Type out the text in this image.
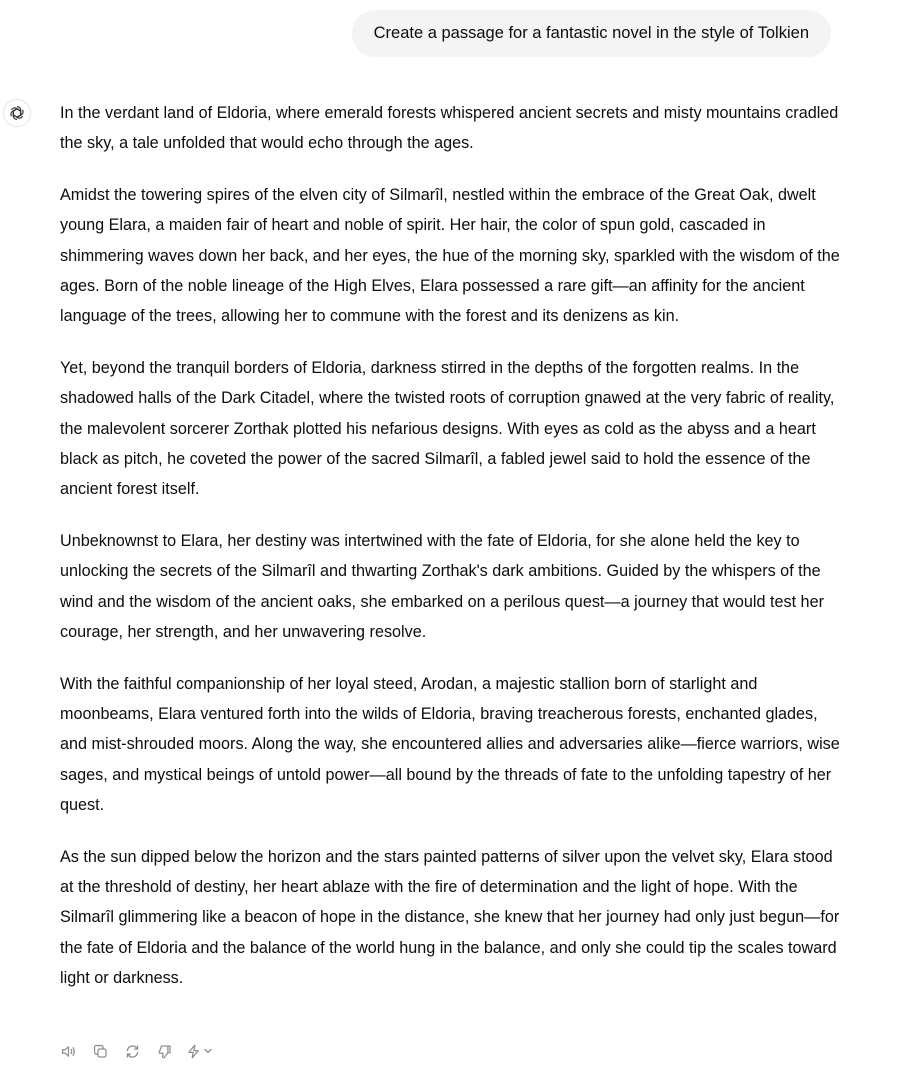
Create a passage for a fantastic novel in the style of Tolkien

In the verdant land of Eldoria, where emerald forests whispered ancient secrets and misty mountains cradled the sky, a tale unfolded that would echo through the ages.

Amidst the towering spires of the elven city of Silmarîl, nestled within the embrace of the Great Oak, dwelt young Elara, a maiden fair of heart and noble of spirit. Her hair, the color of spun gold, cascaded in shimmering waves down her back, and her eyes, the hue of the morning sky, sparkled with the wisdom of the ages. Born of the noble lineage of the High Elves, Elara possessed a rare gift—an affinity for the ancient language of the trees, allowing her to commune with the forest and its denizens as kin.

Yet, beyond the tranquil borders of Eldoria, darkness stirred in the depths of the forgotten realms. In the shadowed halls of the Dark Citadel, where the twisted roots of corruption gnawed at the very fabric of reality, the malevolent sorcerer Zorthak plotted his nefarious designs. With eyes as cold as the abyss and a heart black as pitch, he coveted the power of the sacred Silmarîl, a fabled jewel said to hold the essence of the ancient forest itself.

Unbeknownst to Elara, her destiny was intertwined with the fate of Eldoria, for she alone held the key to unlocking the secrets of the Silmarîl and thwarting Zorthak's dark ambitions. Guided by the whispers of the wind and the wisdom of the ancient oaks, she embarked on a perilous quest—a journey that would test her courage, her strength, and her unwavering resolve.

With the faithful companionship of her loyal steed, Arodan, a majestic stallion born of starlight and moonbeams, Elara ventured forth into the wilds of Eldoria, braving treacherous forests, enchanted glades, and mist-shrouded moors. Along the way, she encountered allies and adversaries alike—fierce warriors, wise sages, and mystical beings of untold power—all bound by the threads of fate to the unfolding tapestry of her quest.

As the sun dipped below the horizon and the stars painted patterns of silver upon the velvet sky, Elara stood at the threshold of destiny, her heart ablaze with the fire of determination and the light of hope. With the Silmarîl glimmering like a beacon of hope in the distance, she knew that her journey had only just begun—for the fate of Eldoria and the balance of the world hung in the balance, and only she could tip the scales toward light or darkness.
